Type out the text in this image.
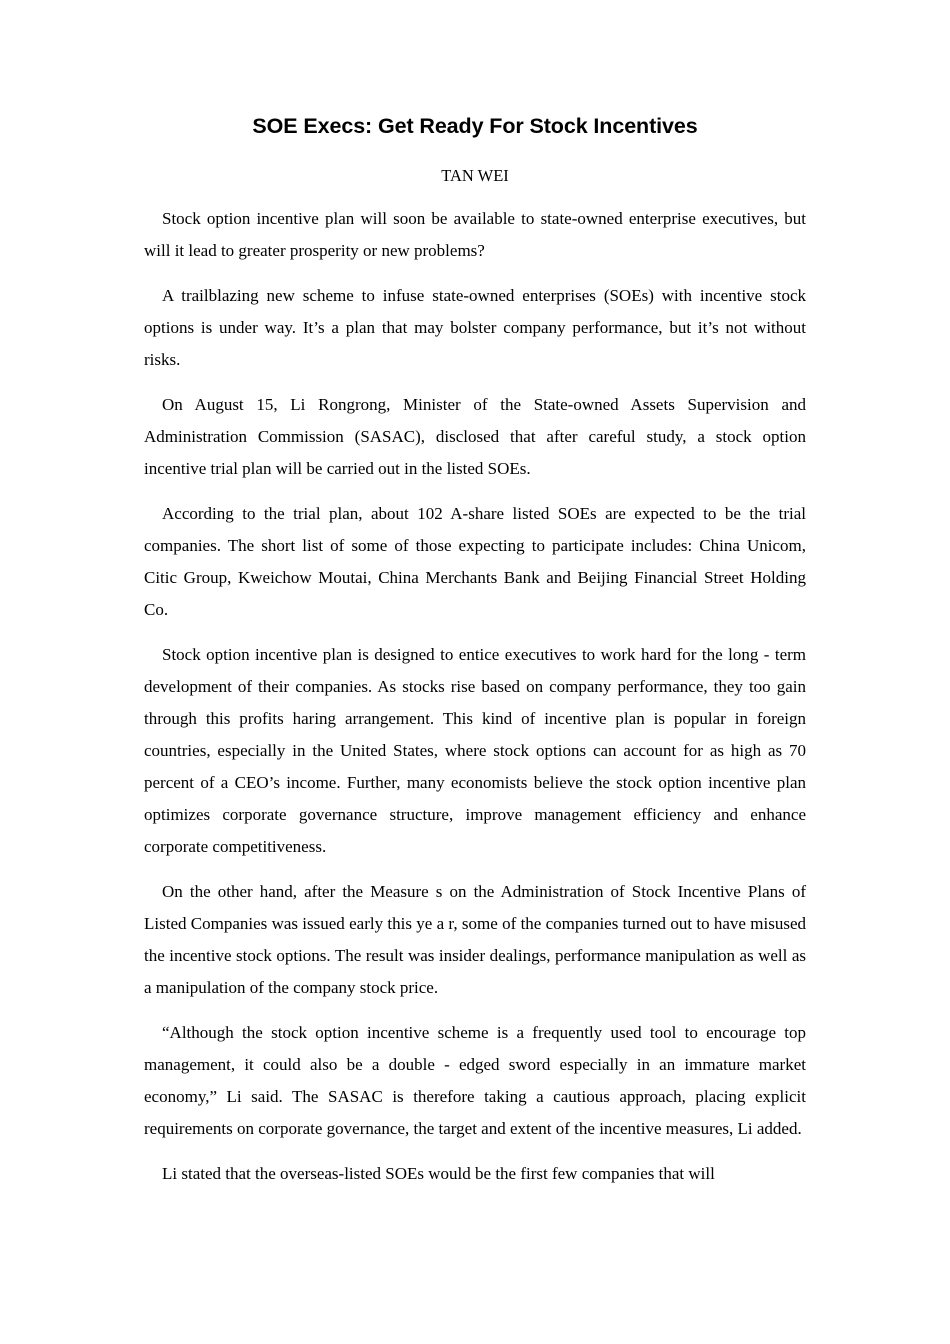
SOE Execs: Get Ready For Stock Incentives
TAN WEI

Stock option incentive plan will soon be available to state-owned enterprise executives, but will it lead to greater prosperity or new problems?

A trailblazing new scheme to infuse state-owned enterprises (SOEs) with incentive stock options is under way. It’s a plan that may bolster company performance, but it’s not without risks.

On August 15, Li Rongrong, Minister of the State-owned Assets Supervision and Administration Commission (SASAC), disclosed that after careful study, a stock option incentive trial plan will be carried out in the listed SOEs.

According to the trial plan, about 102 A-share listed SOEs are expected to be the trial companies. The short list of some of those expecting to participate includes: China Unicom, Citic Group, Kweichow Moutai, China Merchants Bank and Beijing Financial Street Holding Co.

Stock option incentive plan is designed to entice executives to work hard for the long - term development of their companies. As stocks rise based on company performance, they too gain through this profits haring arrangement. This kind of incentive plan is popular in foreign countries, especially in the United States, where stock options can account for as high as 70 percent of a CEO’s income. Further, many economists believe the stock option incentive plan optimizes corporate governance structure, improve management efficiency and enhance corporate competitiveness.

On the other hand, after the Measure s on the Administration of Stock Incentive Plans of Listed Companies was issued early this ye a r, some of the companies turned out to have misused the incentive stock options. The result was insider dealings, performance manipulation as well as a manipulation of the company stock price.

“Although the stock option incentive scheme is a frequently used tool to encourage top management, it could also be a double - edged sword especially in an immature market economy,” Li said. The SASAC is therefore taking a cautious approach, placing explicit requirements on corporate governance, the target and extent of the incentive measures, Li added.

Li stated that the overseas-listed SOEs would be the first few companies that will
